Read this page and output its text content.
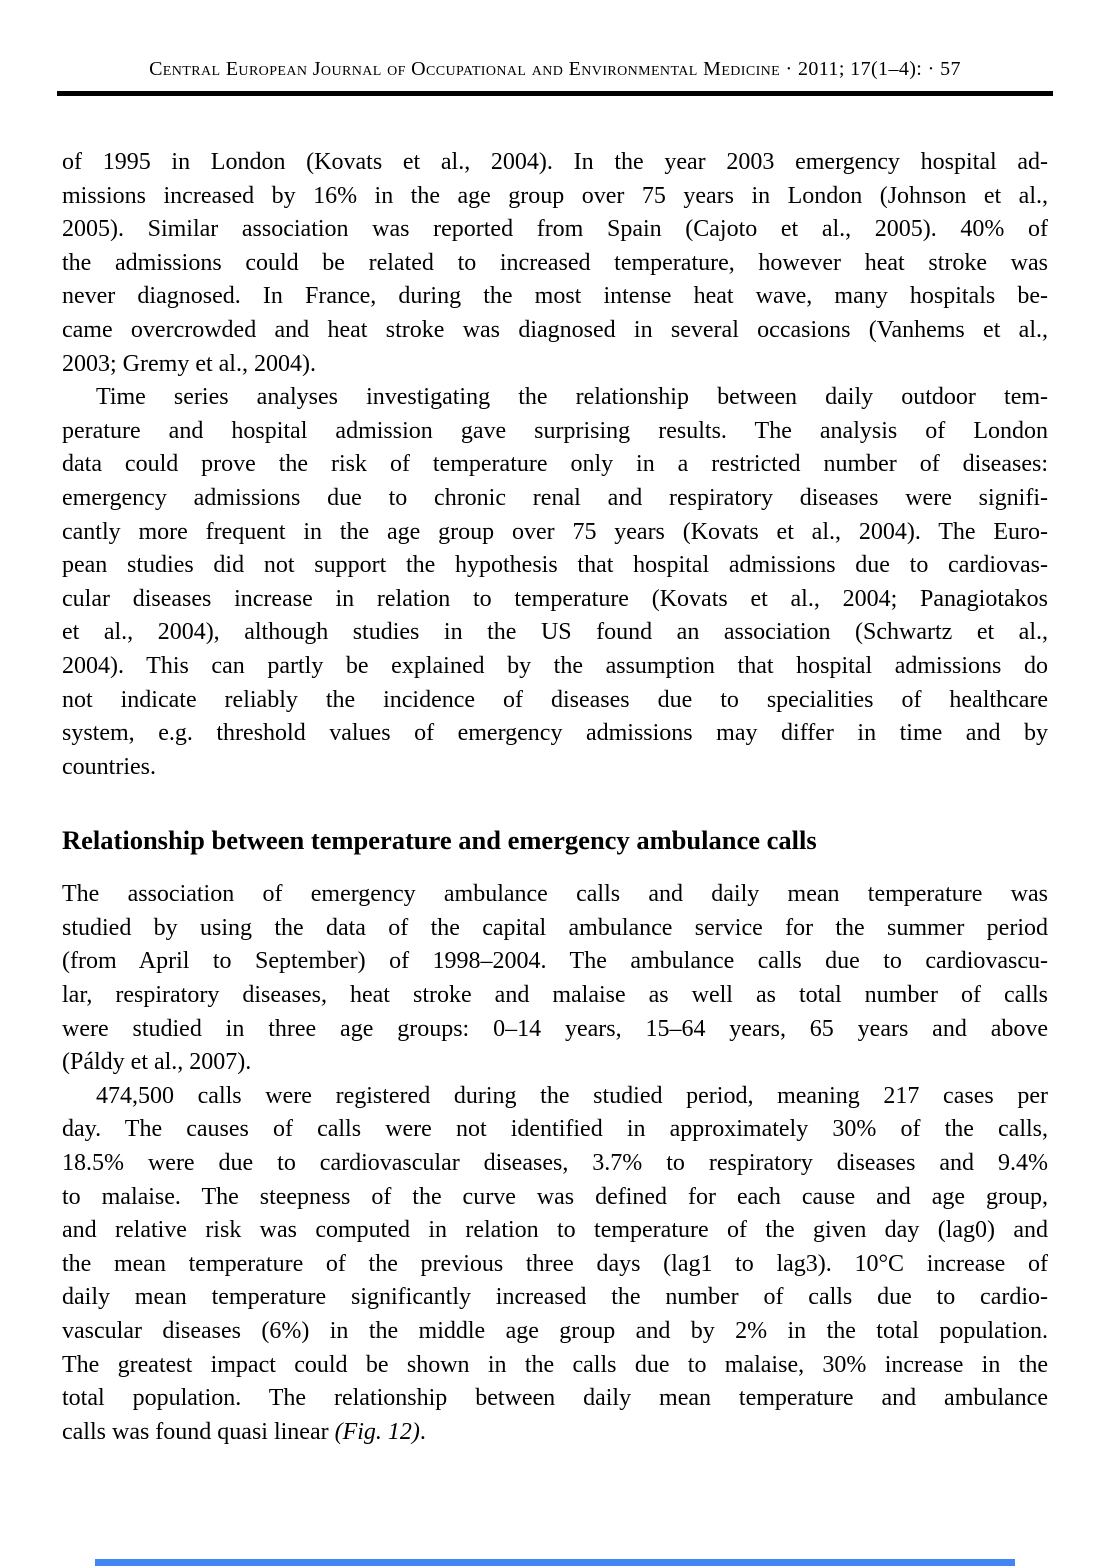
Central European Journal of Occupational and Environmental Medicine · 2011; 17(1–4): · 57
of 1995 in London (Kovats et al., 2004). In the year 2003 emergency hospital ad-
missions increased by 16% in the age group over 75 years in London (Johnson et al.,
2005). Similar association was reported from Spain (Cajoto et al., 2005). 40% of
the admissions could be related to increased temperature, however heat stroke was
never diagnosed. In France, during the most intense heat wave, many hospitals be-
came overcrowded and heat stroke was diagnosed in several occasions (Vanhems et al.,
2003; Gremy et al., 2004).
Time series analyses investigating the relationship between daily outdoor tem-
perature and hospital admission gave surprising results. The analysis of London
data could prove the risk of temperature only in a restricted number of diseases:
emergency admissions due to chronic renal and respiratory diseases were signifi-
cantly more frequent in the age group over 75 years (Kovats et al., 2004). The Euro-
pean studies did not support the hypothesis that hospital admissions due to cardiovas-
cular diseases increase in relation to temperature (Kovats et al., 2004; Panagiotakos
et al., 2004), although studies in the US found an association (Schwartz et al.,
2004). This can partly be explained by the assumption that hospital admissions do
not indicate reliably the incidence of diseases due to specialities of healthcare
system, e.g. threshold values of emergency admissions may differ in time and by
countries.
Relationship between temperature and emergency ambulance calls
The association of emergency ambulance calls and daily mean temperature was
studied by using the data of the capital ambulance service for the summer period
(from April to September) of 1998–2004. The ambulance calls due to cardiovascu-
lar, respiratory diseases, heat stroke and malaise as well as total number of calls
were studied in three age groups: 0–14 years, 15–64 years, 65 years and above
(Páldy et al., 2007).
474,500 calls were registered during the studied period, meaning 217 cases per
day. The causes of calls were not identified in approximately 30% of the calls,
18.5% were due to cardiovascular diseases, 3.7% to respiratory diseases and 9.4%
to malaise. The steepness of the curve was defined for each cause and age group,
and relative risk was computed in relation to temperature of the given day (lag0) and
the mean temperature of the previous three days (lag1 to lag3). 10°C increase of
daily mean temperature significantly increased the number of calls due to cardio-
vascular diseases (6%) in the middle age group and by 2% in the total population.
The greatest impact could be shown in the calls due to malaise, 30% increase in the
total population. The relationship between daily mean temperature and ambulance
calls was found quasi linear (Fig. 12).
